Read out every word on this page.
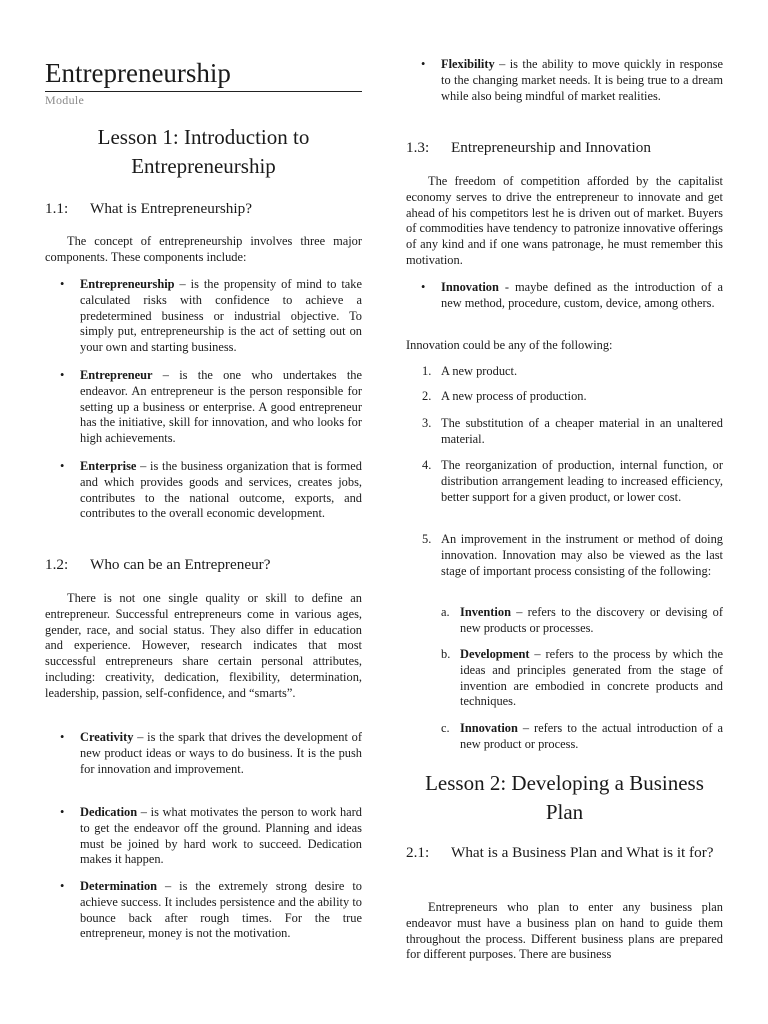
Entrepreneurship
Module
Lesson 1: Introduction to Entrepreneurship
1.1: What is Entrepreneurship?

The concept of entrepreneurship involves three major components. These components include:

• Entrepreneurship – is the propensity of mind to take calculated risks with confidence to achieve a predetermined business or industrial objective. To simply put, entrepreneurship is the act of setting out on your own and starting business.
• Entrepreneur – is the one who undertakes the endeavor. An entrepreneur is the person responsible for setting up a business or enterprise. A good entrepreneur has the initiative, skill for innovation, and who looks for high achievements.
• Enterprise – is the business organization that is formed and which provides goods and services, creates jobs, contributes to the national outcome, exports, and contributes to the overall economic development.
1.2: Who can be an Entrepreneur?

There is not one single quality or skill to define an entrepreneur. Successful entrepreneurs come in various ages, gender, race, and social status. They also differ in education and experience. However, research indicates that most successful entrepreneurs share certain personal attributes, including: creativity, dedication, flexibility, determination, leadership, passion, self-confidence, and “smarts”.

• Creativity – is the spark that drives the development of new product ideas or ways to do business. It is the push for innovation and improvement.
• Dedication – is what motivates the person to work hard to get the endeavor off the ground. Planning and ideas must be joined by hard work to succeed. Dedication makes it happen.
• Determination – is the extremely strong desire to achieve success. It includes persistence and the ability to bounce back after rough times. For the true entrepreneur, money is not the motivation.
• Flexibility – is the ability to move quickly in response to the changing market needs. It is being true to a dream while also being mindful of market realities.
1.3: Entrepreneurship and Innovation

The freedom of competition afforded by the capitalist economy serves to drive the entrepreneur to innovate and get ahead of his competitors lest he is driven out of market. Buyers of commodities have tendency to patronize innovative offerings of any kind and if one wans patronage, he must remember this motivation.

• Innovation - maybe defined as the introduction of a new method, procedure, custom, device, among others.

Innovation could be any of the following:

1. A new product.
2. A new process of production.
3. The substitution of a cheaper material in an unaltered material.
4. The reorganization of production, internal function, or distribution arrangement leading to increased efficiency, better support for a given product, or lower cost.
5. An improvement in the instrument or method of doing innovation. Innovation may also be viewed as the last stage of important process consisting of the following:
a. Invention – refers to the discovery or devising of new products or processes.
b. Development – refers to the process by which the ideas and principles generated from the stage of invention are embodied in concrete products and techniques.
c. Innovation – refers to the actual introduction of a new product or process.
Lesson 2: Developing a Business Plan
2.1: What is a Business Plan and What is it for?

Entrepreneurs who plan to enter any business plan endeavor must have a business plan on hand to guide them throughout the process. Different business plans are prepared for different purposes. There are business
